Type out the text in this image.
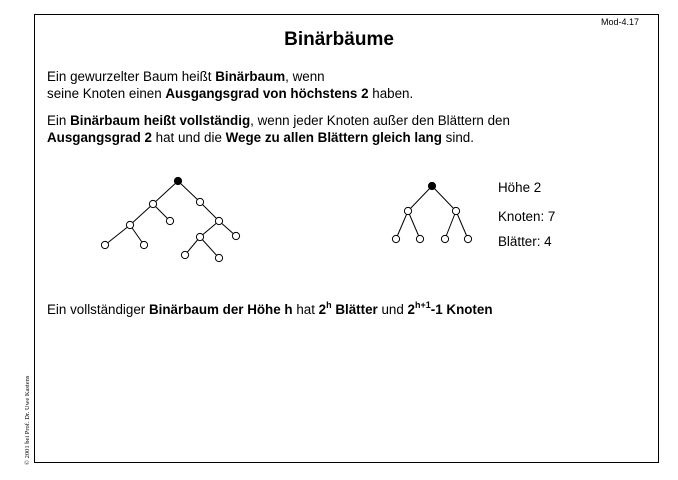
Mod-4.17
Binärbäume
Ein gewurzelter Baum heißt Binärbaum, wenn
seine Knoten einen Ausgangsgrad von höchstens 2 haben.
Ein Binärbaum heißt vollständig, wenn jeder Knoten außer den Blättern den
Ausgangsgrad 2 hat und die Wege zu allen Blättern gleich lang sind.
Höhe 2
Knoten: 7
Blätter: 4
Ein vollständiger Binärbaum der Höhe h hat 2$^h$ Blätter und $2^{h+1}-1$ Knoten
© 2001 bei Prof. Dr. Uwe Kastens
